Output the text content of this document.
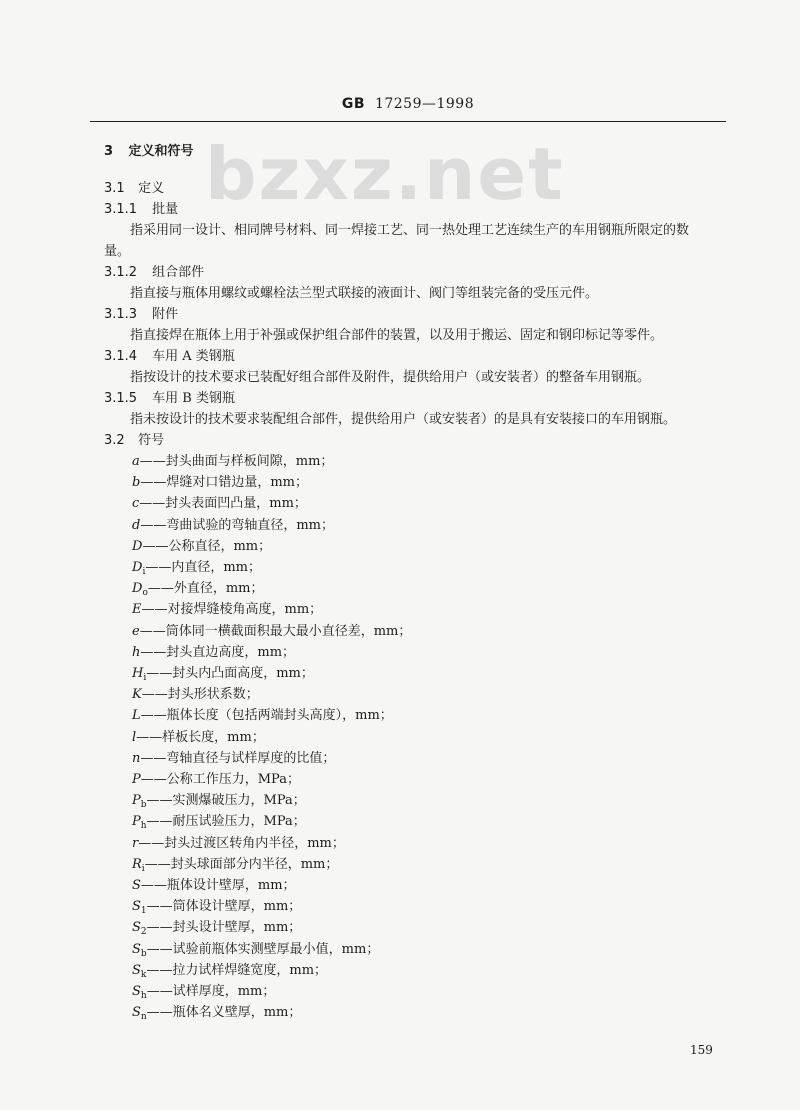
GB 17259—1998
bzxz.net
3 定义和符号
3.1 定义
3.1.1 批量
指采用同一设计、相同牌号材料、同一焊接工艺、同一热处理工艺连续生产的车用钢瓶所限定的数
量。
3.1.2 组合部件
指直接与瓶体用螺纹或螺栓法兰型式联接的液面计、阀门等组装完备的受压元件。
3.1.3 附件
指直接焊在瓶体上用于补强或保护组合部件的装置，以及用于搬运、固定和钢印标记等零件。
3.1.4 车用 A 类钢瓶
指按设计的技术要求已装配好组合部件及附件，提供给用户（或安装者）的整备车用钢瓶。
3.1.5 车用 B 类钢瓶
指未按设计的技术要求装配组合部件，提供给用户（或安装者）的是具有安装接口的车用钢瓶。
3.2 符号
a——封头曲面与样板间隙，mm；
b——焊缝对口错边量，mm；
c——封头表面凹凸量，mm；
d——弯曲试验的弯轴直径，mm；
D——公称直径，mm；
$D_i——$内直径，mm；
$D_o——$外直径，mm；
E——对接焊缝棱角高度，mm；
e——筒体同一横截面积最大最小直径差，mm；
h——封头直边高度，mm；
$H_i——$封头内凸面高度，mm；
K——封头形状系数；
L——瓶体长度（包括两端封头高度），mm；
l——样板长度，mm；
n——弯轴直径与试样厚度的比值；
P——公称工作压力，MPa；
$P_b——$实测爆破压力，MPa；
$P_h——$耐压试验压力，MPa；
r——封头过渡区转角内半径，mm；
$R_i——$封头球面部分内半径，mm；
S——瓶体设计壁厚，mm；
$S_1——$筒体设计壁厚，mm；
$S_2——$封头设计壁厚，mm；
$S_b——$试验前瓶体实测壁厚最小值，mm；
$S_k——$拉力试样焊缝宽度，mm；
$S_h——$试样厚度，mm；
$S_n——$瓶体名义壁厚，mm；
159
